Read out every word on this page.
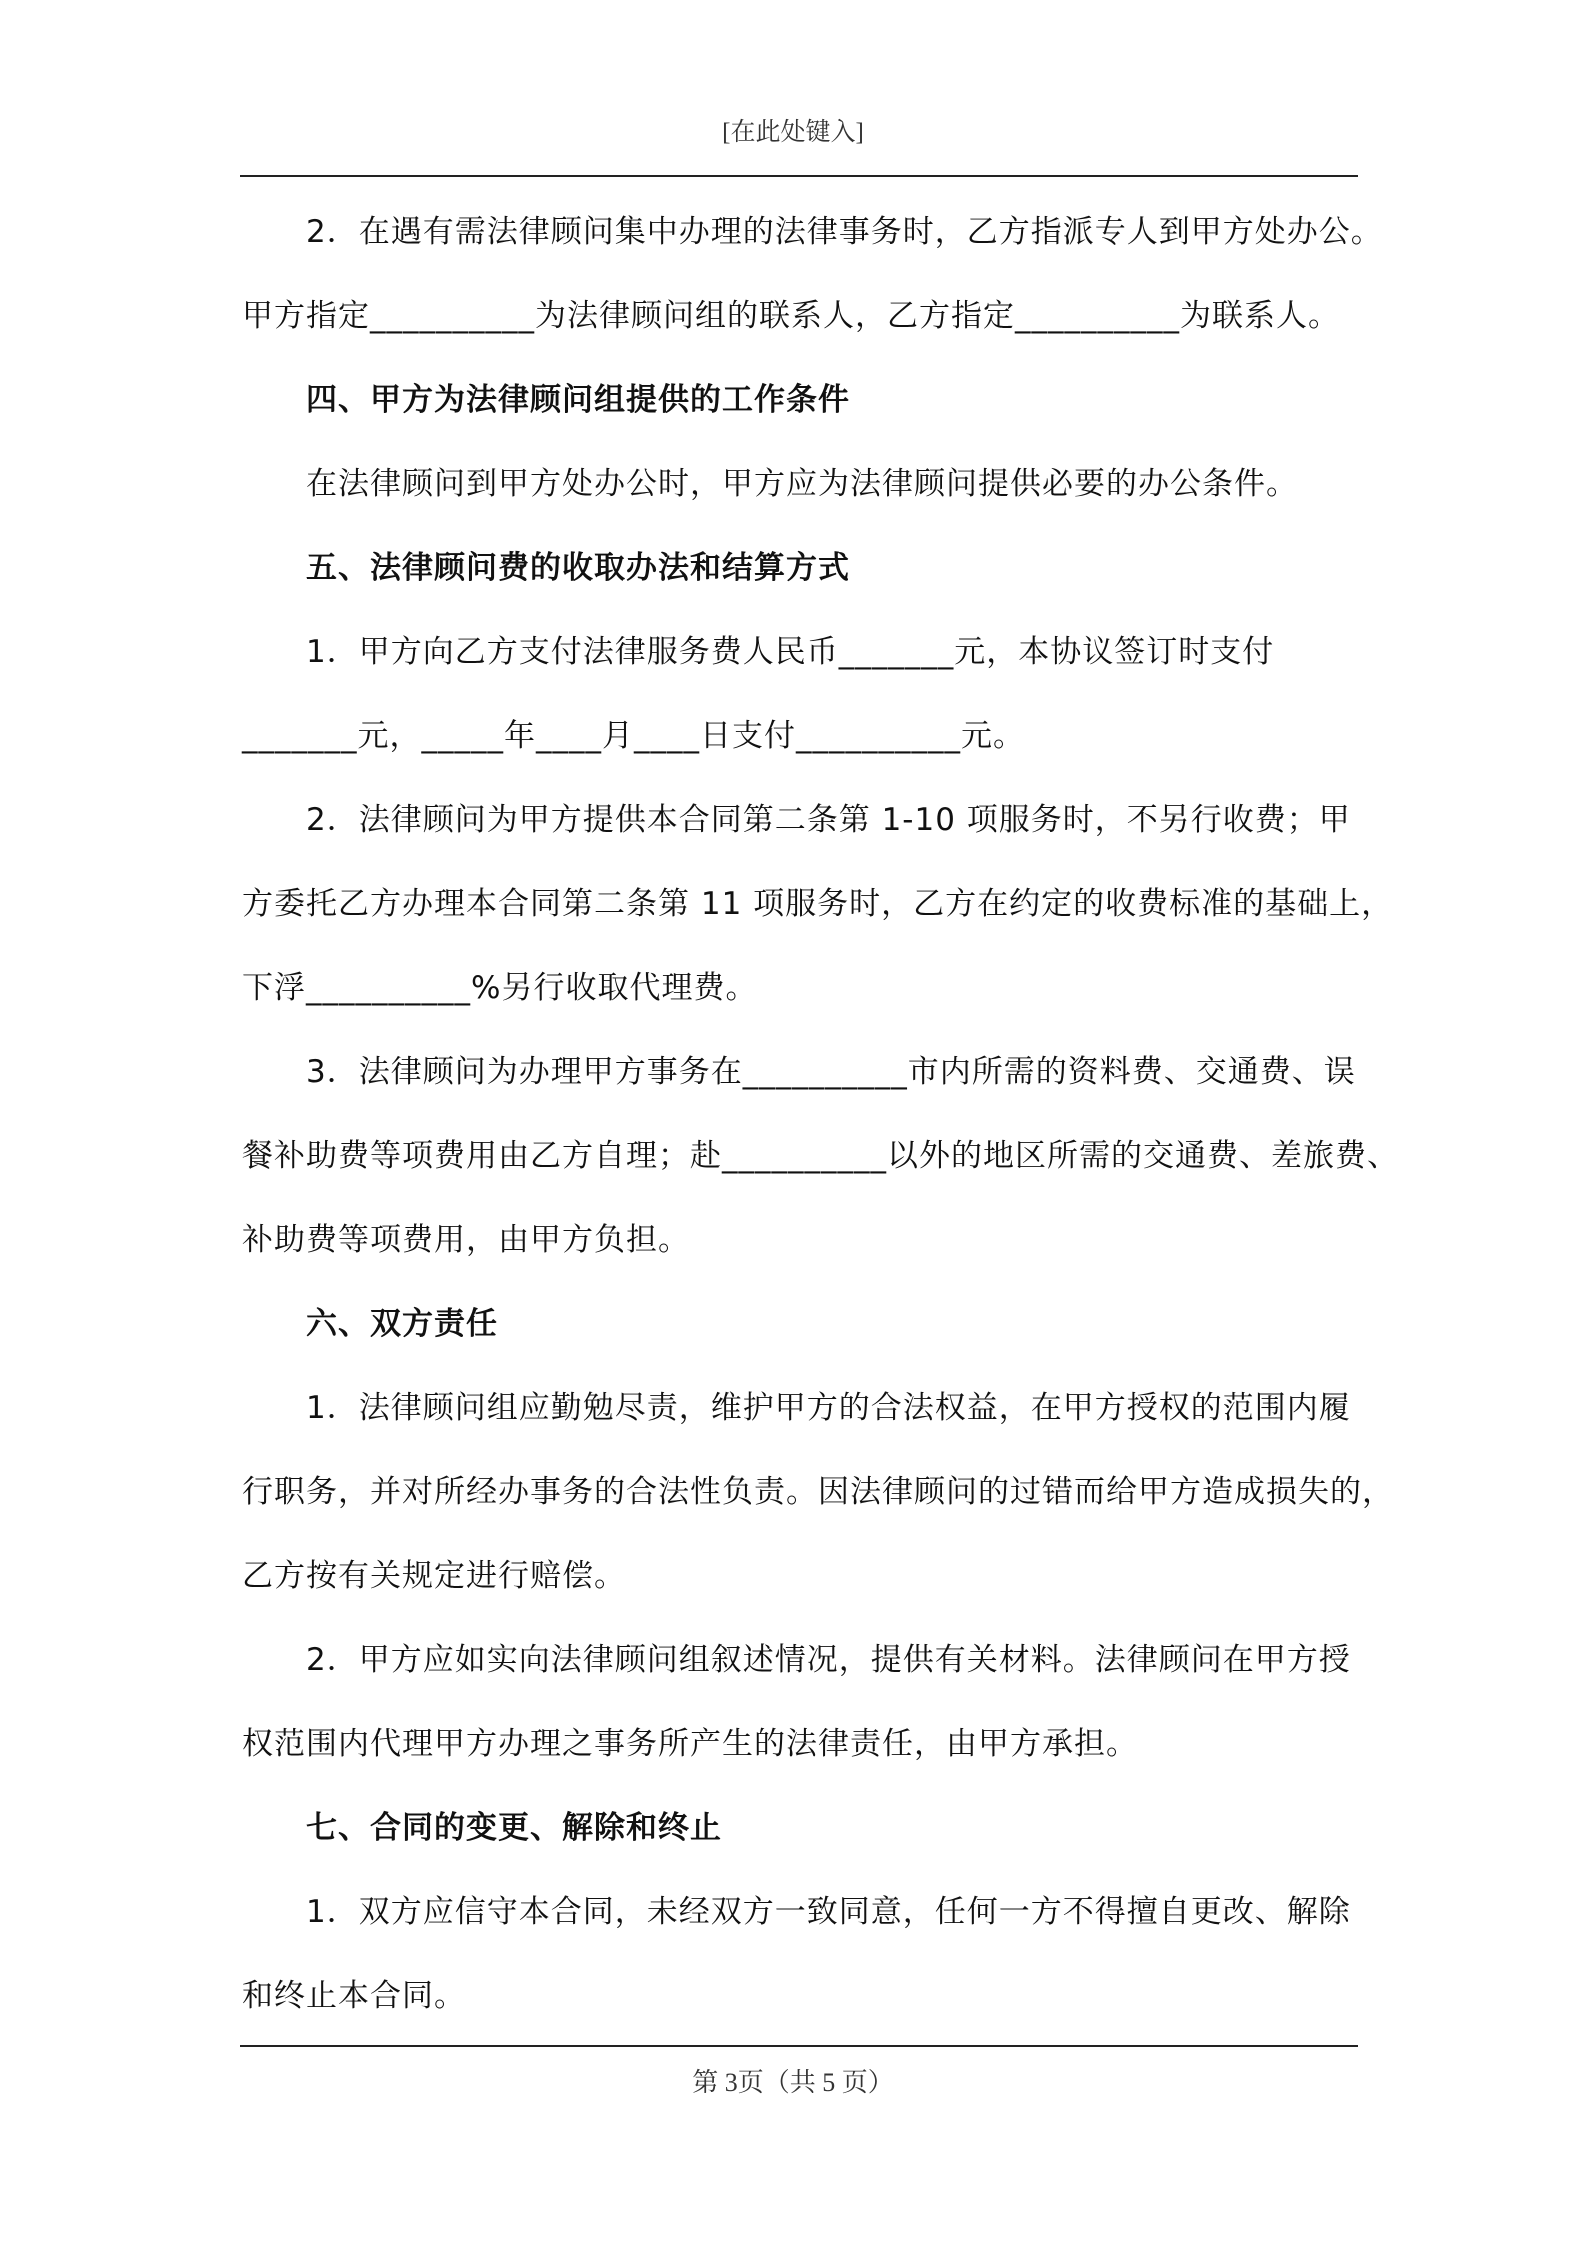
[在此处键入]
2．在遇有需法律顾问集中办理的法律事务时，乙方指派专人到甲方处办公。
甲方指定__________为法律顾问组的联系人，乙方指定__________为联系人。
四、甲方为法律顾问组提供的工作条件
在法律顾问到甲方处办公时，甲方应为法律顾问提供必要的办公条件。
五、法律顾问费的收取办法和结算方式
1．甲方向乙方支付法律服务费人民币_______元，本协议签订时支付
_______元，_____年____月____日支付__________元。
2．法律顾问为甲方提供本合同第二条第 1-10 项服务时，不另行收费；甲
方委托乙方办理本合同第二条第 11 项服务时，乙方在约定的收费标准的基础上，
下浮__________%另行收取代理费。
3．法律顾问为办理甲方事务在__________市内所需的资料费、交通费、误
餐补助费等项费用由乙方自理；赴__________以外的地区所需的交通费、差旅费、
补助费等项费用，由甲方负担。
六、双方责任
1．法律顾问组应勤勉尽责，维护甲方的合法权益，在甲方授权的范围内履
行职务，并对所经办事务的合法性负责。因法律顾问的过错而给甲方造成损失的，
乙方按有关规定进行赔偿。
2．甲方应如实向法律顾问组叙述情况，提供有关材料。法律顾问在甲方授
权范围内代理甲方办理之事务所产生的法律责任，由甲方承担。
七、合同的变更、解除和终止
1．双方应信守本合同，未经双方一致同意，任何一方不得擅自更改、解除
和终止本合同。
第 3页（共 5 页）
